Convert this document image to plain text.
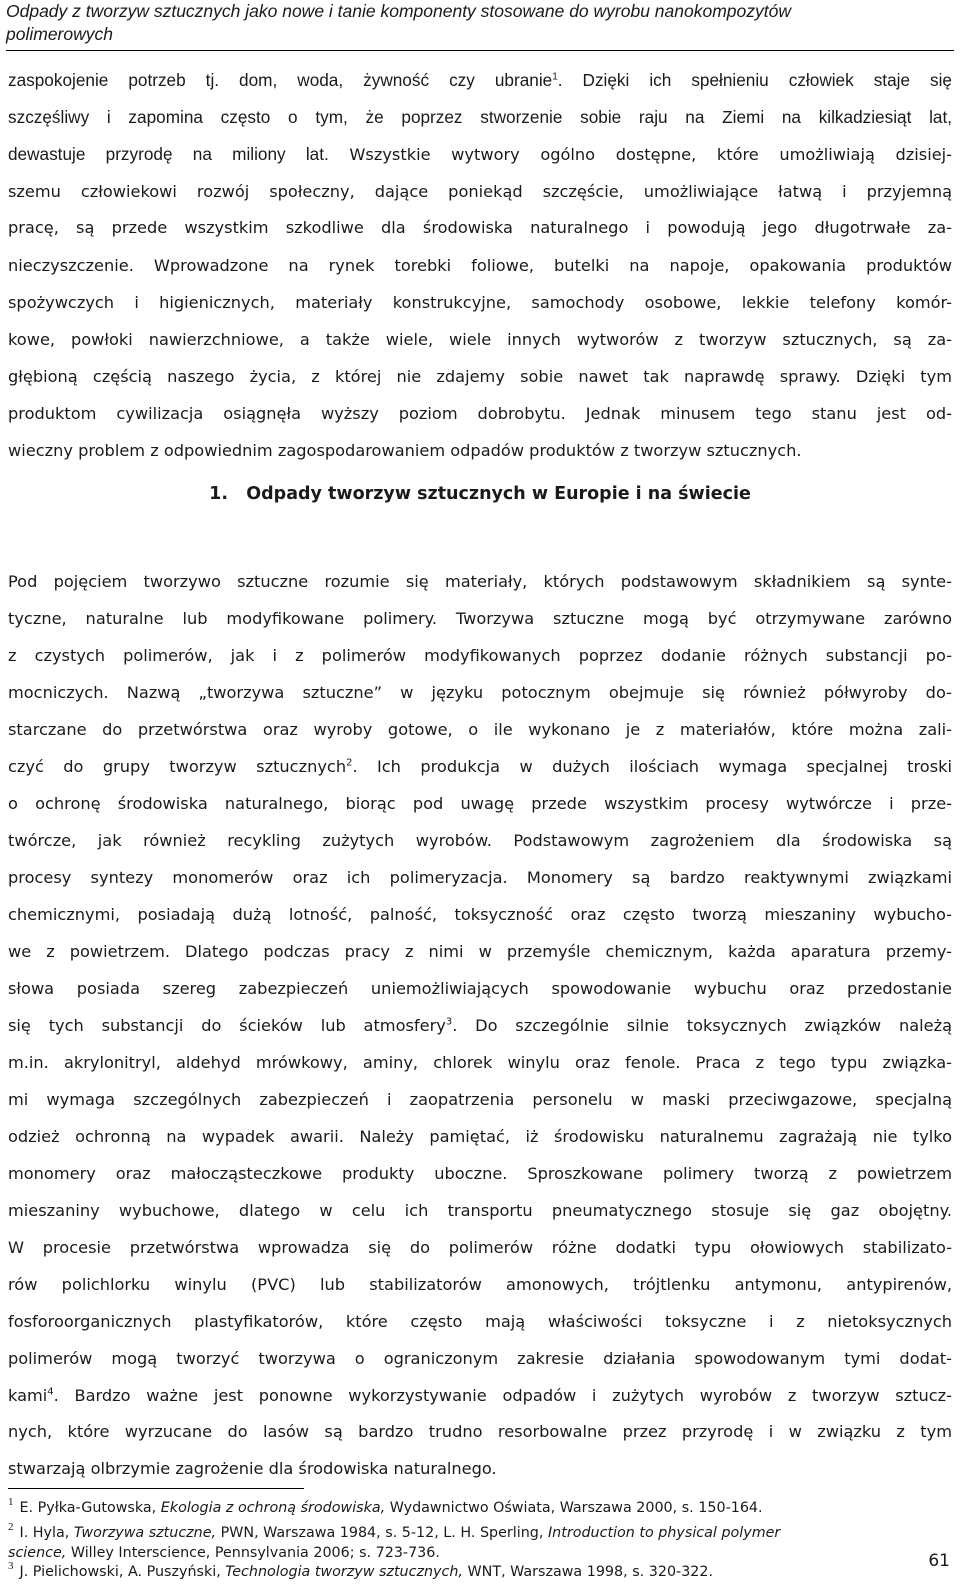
Odpady z tworzyw sztucznych jako nowe i tanie komponenty stosowane do wyrobu nanokompozytów
polimerowych
zaspokojenie potrzeb tj. dom, woda, żywność czy ubranie$^1$. Dzięki ich spełnieniu człowiek staje się
szczęśliwy i zapomina często o tym, że poprzez stworzenie sobie raju na Ziemi na kilkadziesiąt lat,
dewastuje przyrodę na miliony lat. Wszystkie wytwory ogólno dostępne, które umożliwiają dzisiej-
szemu człowiekowi rozwój społeczny, dające poniekąd szczęście, umożliwiające łatwą i przyjemną
pracę, są przede wszystkim szkodliwe dla środowiska naturalnego i powodują jego długotrwałe za-
nieczyszczenie. Wprowadzone na rynek torebki foliowe, butelki na napoje, opakowania produktów
spożywczych i higienicznych, materiały konstrukcyjne, samochody osobowe, lekkie telefony komór-
kowe, powłoki nawierzchniowe, a także wiele, wiele innych wytworów z tworzyw sztucznych, są za-
głębioną częścią naszego życia, z której nie zdajemy sobie nawet tak naprawdę sprawy. Dzięki tym
produktom cywilizacja osiągnęła wyższy poziom dobrobytu. Jednak minusem tego stanu jest od-
wieczny problem z odpowiednim zagospodarowaniem odpadów produktów z tworzyw sztucznych.
1. Odpady tworzyw sztucznych w Europie i na świecie
Pod pojęciem tworzywo sztuczne rozumie się materiały, których podstawowym składnikiem są synte-
tyczne, naturalne lub modyfikowane polimery. Tworzywa sztuczne mogą być otrzymywane zarówno
z czystych polimerów, jak i z polimerów modyfikowanych poprzez dodanie różnych substancji po-
mocniczych. Nazwą „tworzywa sztuczne” w języku potocznym obejmuje się również półwyroby do-
starczane do przetwórstwa oraz wyroby gotowe, o ile wykonano je z materiałów, które można zali-
czyć do grupy tworzyw sztucznych$^2$. Ich produkcja w dużych ilościach wymaga specjalnej troski
o ochronę środowiska naturalnego, biorąc pod uwagę przede wszystkim procesy wytwórcze i prze-
twórcze, jak również recykling zużytych wyrobów. Podstawowym zagrożeniem dla środowiska są
procesy syntezy monomerów oraz ich polimeryzacja. Monomery są bardzo reaktywnymi związkami
chemicznymi, posiadają dużą lotność, palność, toksyczność oraz często tworzą mieszaniny wybucho-
we z powietrzem. Dlatego podczas pracy z nimi w przemyśle chemicznym, każda aparatura przemy-
słowa posiada szereg zabezpieczeń uniemożliwiających spowodowanie wybuchu oraz przedostanie
się tych substancji do ścieków lub atmosfery$^3$. Do szczególnie silnie toksycznych związków należą
m.in. akrylonitryl, aldehyd mrówkowy, aminy, chlorek winylu oraz fenole. Praca z tego typu związka-
mi wymaga szczególnych zabezpieczeń i zaopatrzenia personelu w maski przeciwgazowe, specjalną
odzież ochronną na wypadek awarii. Należy pamiętać, iż środowisku naturalnemu zagrażają nie tylko
monomery oraz małocząsteczkowe produkty uboczne. Sproszkowane polimery tworzą z powietrzem
mieszaniny wybuchowe, dlatego w celu ich transportu pneumatycznego stosuje się gaz obojętny.
W procesie przetwórstwa wprowadza się do polimerów różne dodatki typu ołowiowych stabilizato-
rów polichlorku winylu (PVC) lub stabilizatorów amonowych, trójtlenku antymonu, antypirenów,
fosforoorganicznych plastyfikatorów, które często mają właściwości toksyczne i z nietoksycznych
polimerów mogą tworzyć tworzywa o ograniczonym zakresie działania spowodowanym tymi dodat-
kami$^4$. Bardzo ważne jest ponowne wykorzystywanie odpadów i zużytych wyrobów z tworzyw sztucz-
nych, które wyrzucane do lasów są bardzo trudno resorbowalne przez przyrodę i w związku z tym
stwarzają olbrzymie zagrożenie dla środowiska naturalnego.
$^1$ E. Pyłka-Gutowska, Ekologia z ochroną środowiska, Wydawnictwo Oświata, Warszawa 2000, s. 150-164.
$^2$ I. Hyla, Tworzywa sztuczne, PWN, Warszawa 1984, s. 5-12, L. H. Sperling, Introduction to physical polymer
science, Willey Interscience, Pennsylvania 2006; s. 723-736.
$^3$ J. Pielichowski, A. Puszyński, Technologia tworzyw sztucznych, WNT, Warszawa 1998, s. 320-322.
61
